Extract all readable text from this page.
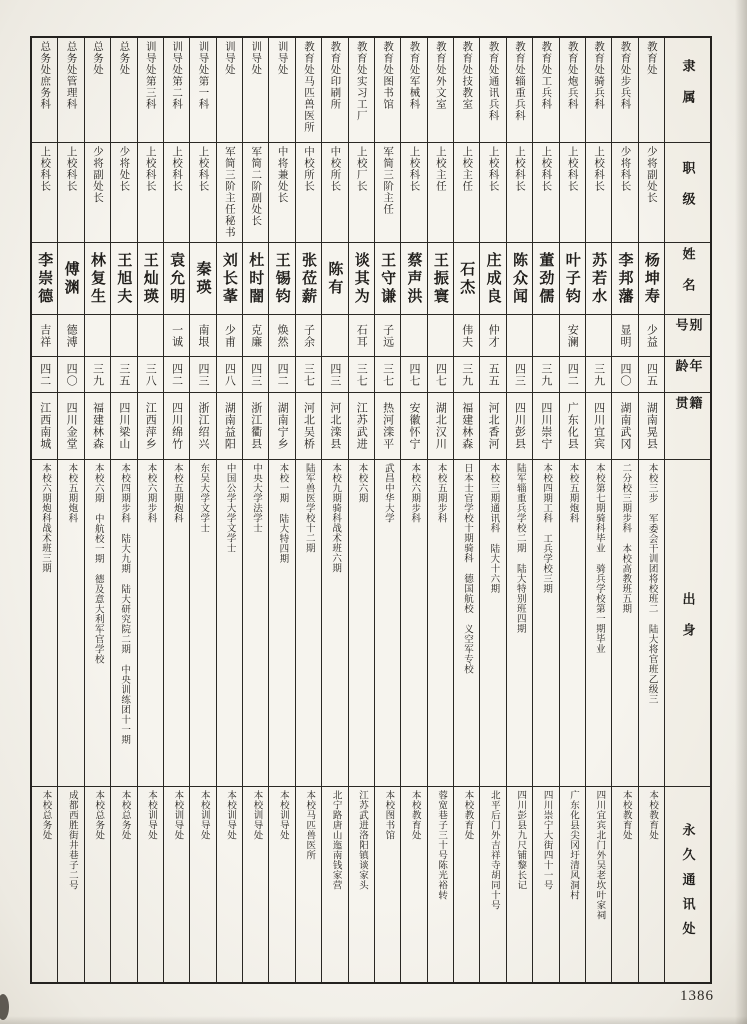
总务处庶务科
上校科长
李崇德
吉祥
四二
江西南城
本校六期炮科战术班三期
本校总务处
总务处管理科
上校科长
傅渊
德溥
四〇
四川金堂
本校五期炮科
成都西胜街井巷子二号
总务处
少将副处长
林复生
三九
福建林森
本校六期 中航校一期 德及意大利军官学校
本校总务处
总务处
少将处长
王旭夫
三五
四川梁山
本校四期步科 陆大九期 陆大研究院二期 中央训练团十一期
本校总务处
训导处第三科
上校科长
王灿瑛
三八
江西萍乡
本校六期步科
本校训导处
训导处第二科
上校科长
袁允明
一诚
四二
四川绵竹
本校五期炮科
本校训导处
训导处第一科
上校科长
秦瑛
南垠
四三
浙江绍兴
东吴大学文学士
本校训导处
训导处
军简三阶主任秘书
刘长莑
少甫
四八
湖南益阳
中国公学大学文学士
本校训导处
训导处
军简二阶副处长
杜时闇
克廉
四三
浙江衢县
中央大学法学士
本校训导处
训导处
中将兼处长
王锡钧
焕然
四二
湖南宁乡
本校一期 陆大特四期
本校训导处
教育处马匹兽医所
中校所长
张莅薪
子余
三七
河北吴桥
陆军兽医学校十二期
本校马匹兽医所
教育处印刷所
中校所长
陈有
四三
河北滦县
本校九期骑科战术班六期
北宁路唐山迤南钱家营
教育处实习工厂
上校厂长
谈其为
石耳
三七
江苏武进
本校六期
江苏武进洛阳镇谈家头
教育处图书馆
军简三阶主任
王守谦
子远
三七
热河滦平
武昌中华大学
本校图书馆
教育处军械科
上校科长
蔡声洪
四七
安徽怀宁
本校六期步科
本校教育处
教育处外文室
上校主任
王振寰
四七
湖北汉川
本校五期步科
蓉宽巷子三十号陈光裕转
教育处技教室
上校主任
石杰
伟夫
三九
福建林森
日本士官学校十期骑科 德国航校 义空军专校
本校教育处
教育处通讯兵科
上校科长
庄成良
仲才
五五
河北香河
本校三期通讯科 陆大十六期
北平后门外吉祥寺胡同十号
教育处辎重兵科
上校科长
陈众闻
四三
四川彭县
陆军辎重兵学校二期 陆大特别班四期
四川彭县九尺铺黎长记
教育处工兵科
上校科长
董劲儒
三九
四川崇宁
本校四期工科 工兵学校三期
四川崇宁大街四十一号
教育处炮兵科
上校科长
叶子钧
安澜
四二
广东化县
本校五期炮科
广东化县尖冈圩清风洞村
教育处骑兵科
上校科长
苏若水
三九
四川宜宾
本校第七期骑科毕业 骑兵学校第一期毕业
四川宜宾北门外吴老坎叶家祠
教育处步兵科
少将科长
李邦藩
显明
四〇
湖南武冈
二分校三期步科 本校高教班五期
本校教育处
教育处
少将副处长
杨坤寿
少益
四五
湖南晃县
本校三步 军委会干训团将校班二 陆大将官班乙级三
本校教育处
隶属
职级
姓名
别号
年龄
籍贯
出身
永久通讯处
1386
